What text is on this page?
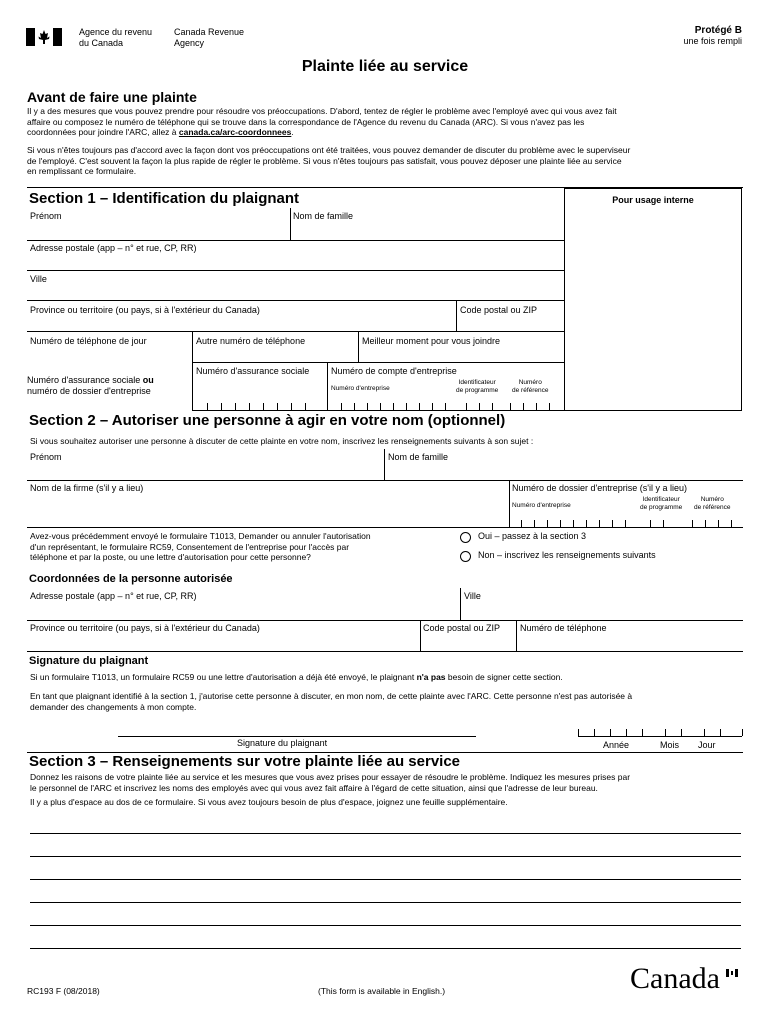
Agence du revenu
du Canada
Canada Revenue
Agency
Protégé B
une fois rempli
Plainte liée au service
Avant de faire une plainte
Il y a des mesures que vous pouvez prendre pour résoudre vos préoccupations. D'abord, tentez de régler le problème avec l'employé avec qui vous avez fait
affaire ou composez le numéro de téléphone qui se trouve dans la correspondance de l'Agence du revenu du Canada (ARC). Si vous n'avez pas les
coordonnées pour joindre l'ARC, allez à canada.ca/arc-coordonnees.
Si vous n'êtes toujours pas d'accord avec la façon dont vos préoccupations ont été traitées, vous pouvez demander de discuter du problème avec le superviseur
de l'employé. C'est souvent la façon la plus rapide de régler le problème. Si vous n'êtes toujours pas satisfait, vous pouvez déposer une plainte liée au service
en remplissant ce formulaire.
Section 1 – Identification du plaignant	Pour usage interne
Prénom	Nom de famille
Adresse postale (app – n° et rue, CP, RR)
Ville
Province ou territoire (ou pays, si à l'extérieur du Canada)	Code postal ou ZIP
Numéro de téléphone de jour	Autre numéro de téléphone	Meilleur moment pour vous joindre
Numéro d'assurance sociale ou
numéro de dossier d'entreprise
Numéro d'assurance sociale Numéro de compte d'entreprise
Numéro d'entreprise
Identificateur
de programme
Numéro
de référence
Section 2 – Autoriser une personne à agir en votre nom (optionnel)
Si vous souhaitez autoriser une personne à discuter de cette plainte en votre nom, inscrivez les renseignements suivants à son sujet :
Prénom	Nom de famille
Nom de la firme (s'il y a lieu)	Numéro de dossier d'entreprise (s'il y a lieu)
Numéro d'entreprise
Identificateur
de programme
Numéro
de référence
Avez-vous précédemment envoyé le formulaire T1013, Demander ou annuler l'autorisation
d'un représentant, le formulaire RC59, Consentement de l'entreprise pour l'accès par
téléphone et par la poste, ou une lettre d'autorisation pour cette personne?
Oui – passez à la section 3
Non – inscrivez les renseignements suivants
Coordonnées de la personne autorisée
Adresse postale (app – n° et rue, CP, RR)	Ville
Province ou territoire (ou pays, si à l'extérieur du Canada)	Code postal ou ZIP Numéro de téléphone
Signature du plaignant
Si un formulaire T1013, un formulaire RC59 ou une lettre d'autorisation a déjà été envoyé, le plaignant n'a pas besoin de signer cette section.
En tant que plaignant identifié à la section 1, j'autorise cette personne à discuter, en mon nom, de cette plainte avec l'ARC. Cette personne n'est pas autorisée à
demander des changements à mon compte.
Signature du plaignant	Année	Mois Jour
Section 3 – Renseignements sur votre plainte liée au service
Donnez les raisons de votre plainte liée au service et les mesures que vous avez prises pour essayer de résoudre le problème. Indiquez les mesures prises par
le personnel de l'ARC et inscrivez les noms des employés avec qui vous avez fait affaire à l'égard de cette situation, ainsi que l'adresse de leur bureau.
Il y a plus d'espace au dos de ce formulaire. Si vous avez toujours besoin de plus d'espace, joignez une feuille supplémentaire.
RC193 F (08/2018)	(This form is available in English.)	Canada
